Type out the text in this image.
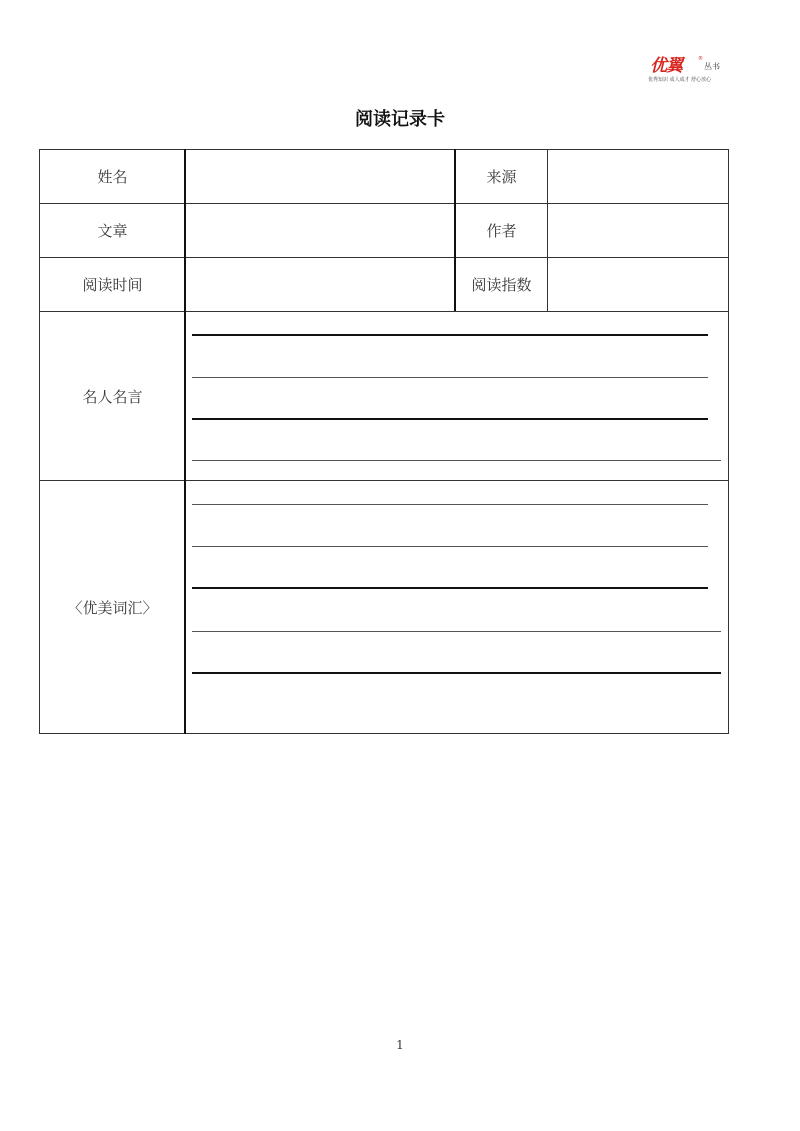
优翼	®
丛书
优秀知识 成人成才 舒心放心
阅读记录卡
姓名	来源
文章	作者
阅读时间	阅读指数
名人名言
〈优美词汇〉
1
